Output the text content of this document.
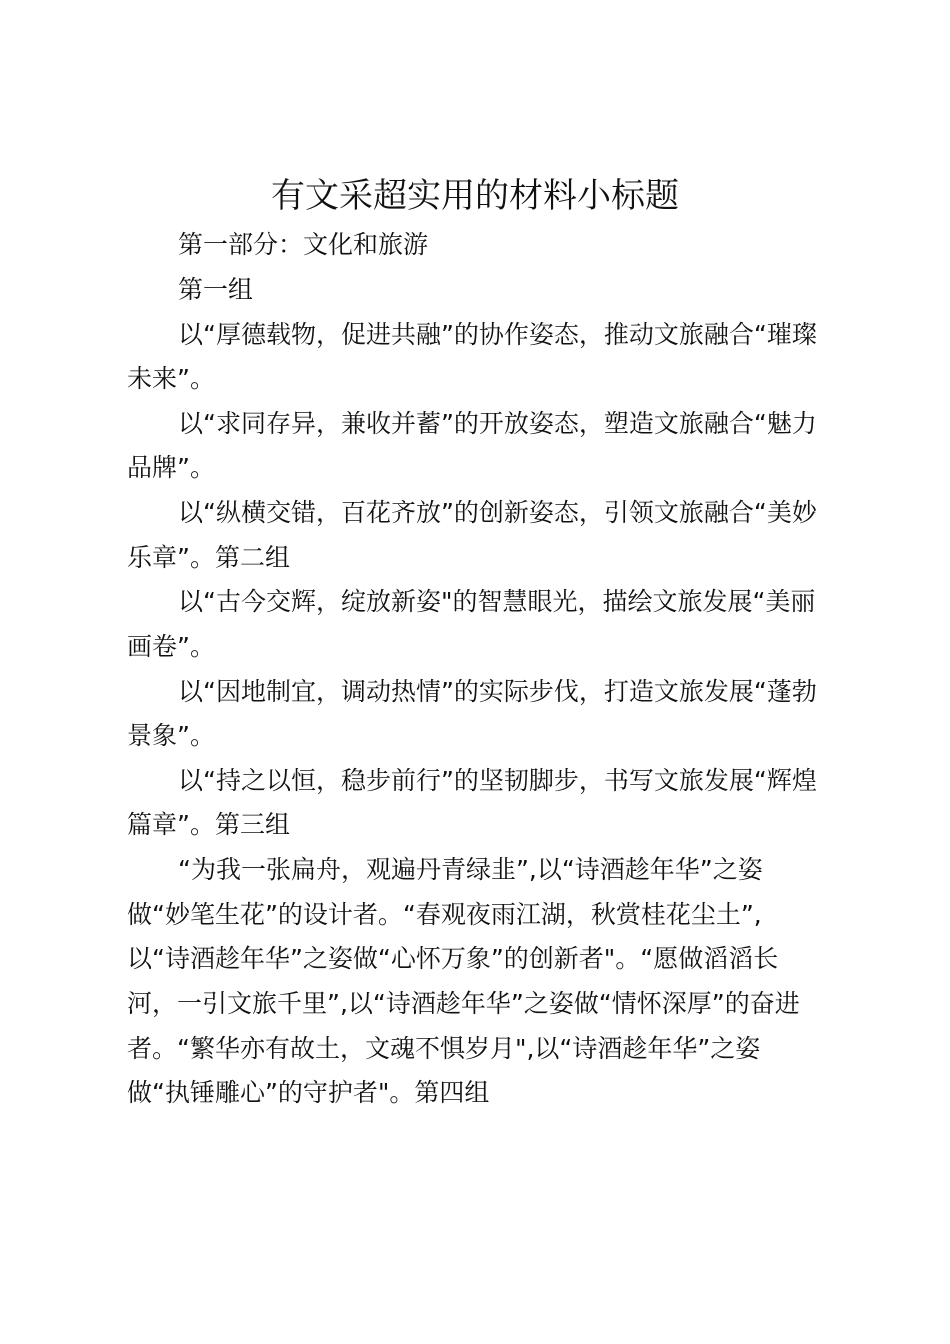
有文采超实用的材料小标题

第一部分：文化和旅游

第一组

以“厚德载物，促进共融”的协作姿态，推动文旅融合“璀璨

未来”。

以“求同存异，兼收并蓄”的开放姿态，塑造文旅融合“魅力

品牌”。

以“纵横交错，百花齐放”的创新姿态，引领文旅融合“美妙

乐章”。第二组

以“古今交辉，绽放新姿"的智慧眼光，描绘文旅发展“美丽

画卷”。

以“因地制宜，调动热情”的实际步伐，打造文旅发展“蓬勃

景象”。

以“持之以恒，稳步前行”的坚韧脚步，书写文旅发展“辉煌

篇章”。第三组

“为我一张扁舟，观遍丹青绿韭”,以“诗酒趁年华”之姿

做“妙笔生花”的设计者。“春观夜雨江湖，秋赏桂花尘土”,

以“诗酒趁年华”之姿做“心怀万象”的创新者"。“愿做滔滔长

河，一引文旅千里”,以“诗酒趁年华”之姿做“情怀深厚”的奋进

者。“繁华亦有故土，文魂不惧岁月",以“诗酒趁年华”之姿

做“执锤雕心”的守护者"。第四组
